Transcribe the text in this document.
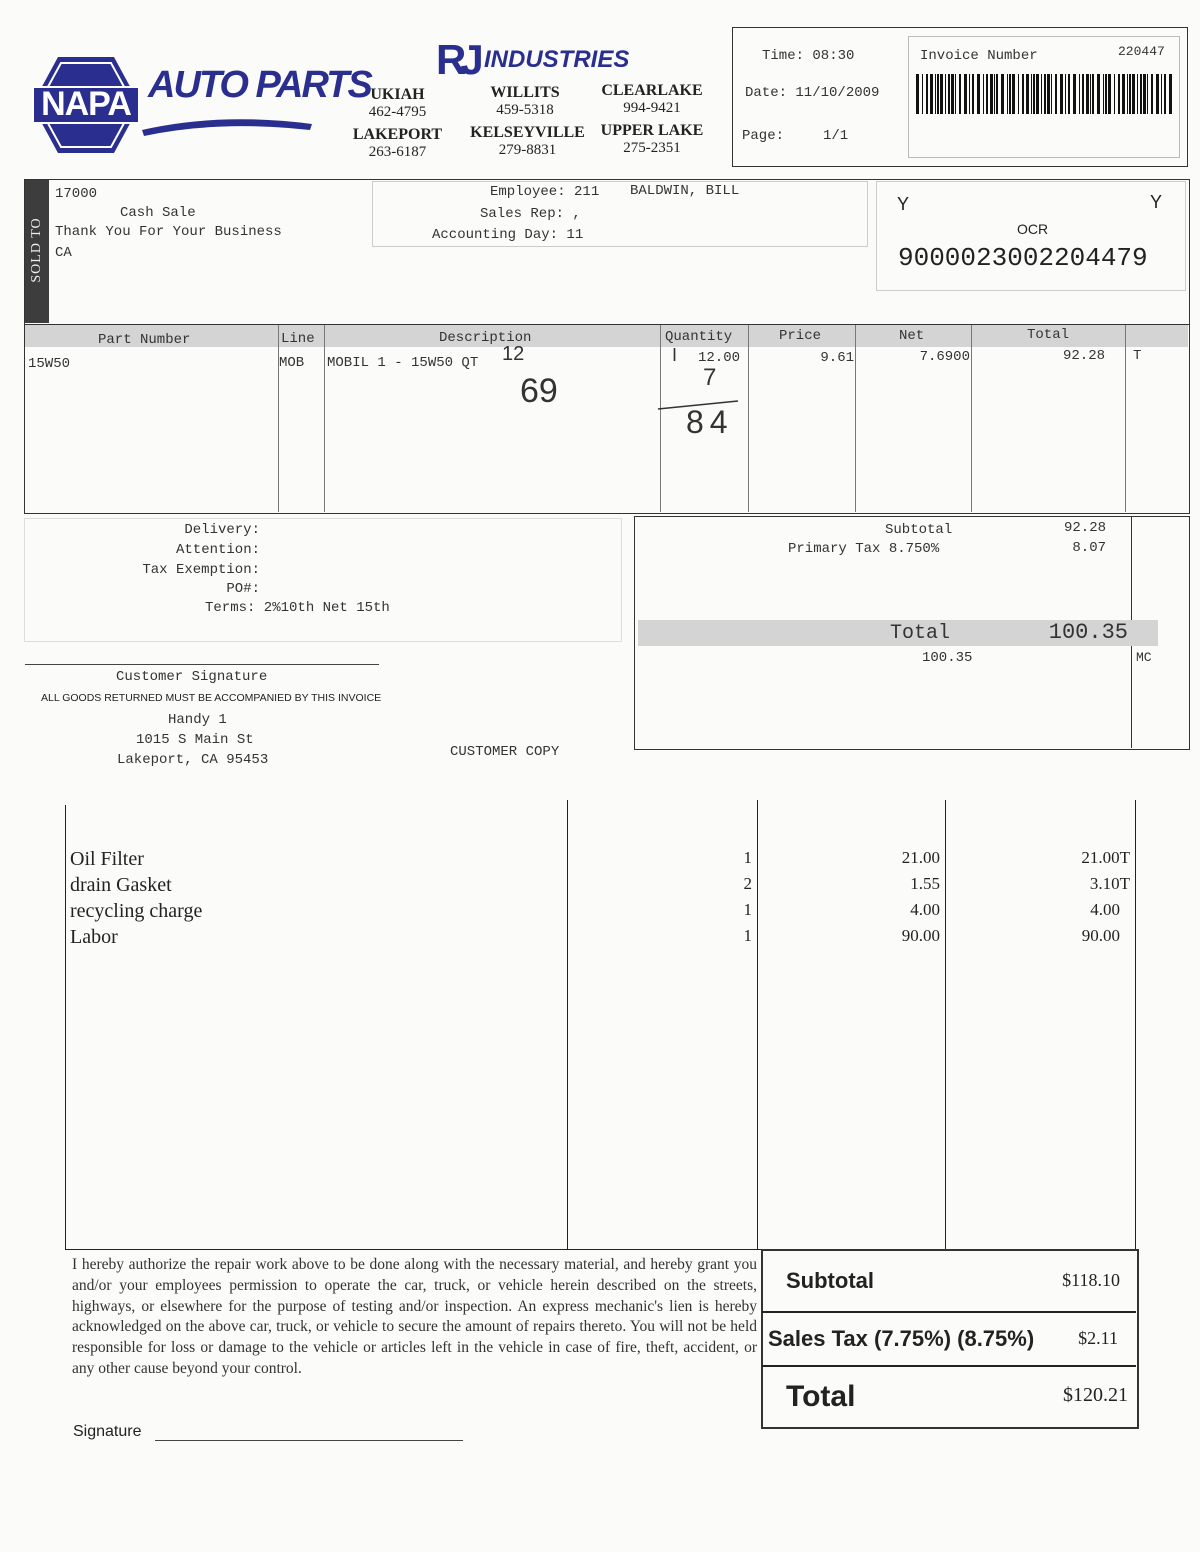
NAPA AUTO PARTS
RJ INDUSTRIES
UKIAH
462-4795
WILLITS
459-5318
CLEARLAKE
994-9421
LAKEPORT
263-6187
KELSEYVILLE
279-8831
UPPER LAKE
275-2351
Time: 08:30
Date: 11/10/2009
Page:	1/1
Invoice Number	220447
SOLD TO
17000
Cash Sale
Thank You For Your Business
CA
Employee: 211 BALDWIN, BILL
Sales Rep: ,
Accounting Day: 11
Y	Y
OCR
9000023002204479
Part Number	Line	Description	Quantity	Price	Net	Total
15W50	MOB MOBIL 1 - 15W50 QT	12.00	9.61	7.6900	92.28 T
12	I
69	7
84
Delivery:
Attention:
Tax Exemption:
PO#:
Terms: 2%10th Net 15th
Subtotal	92.28
Primary Tax 8.750%	8.07
Total	100.35
100.35	MC
Customer Signature
ALL GOODS RETURNED MUST BE ACCOMPANIED BY THIS INVOICE
Handy 1
1015 S Main St
Lakeport, CA 95453	CUSTOMER COPY
Oil Filter	1	21.00	21.00T
drain Gasket	2	1.55	3.10T
recycling charge	1	4.00	4.00
Labor	1	90.00	90.00
I hereby authorize the repair work above to be done along with the necessary material, and hereby grant you and/or your employees permission to operate the car, truck, or vehicle herein described on the streets, highways, or elsewhere for the purpose of testing and/or inspection. An express mechanic's lien is hereby acknowledged on the above car, truck, or vehicle to secure the amount of repairs thereto. You will not be held responsible for loss or damage to the vehicle or articles left in the vehicle in case of fire, theft, accident, or any other cause beyond your control.
Signature
Subtotal	$118.10
Sales Tax (7.75%) (8.75%)	$2.11
Total	$120.21
